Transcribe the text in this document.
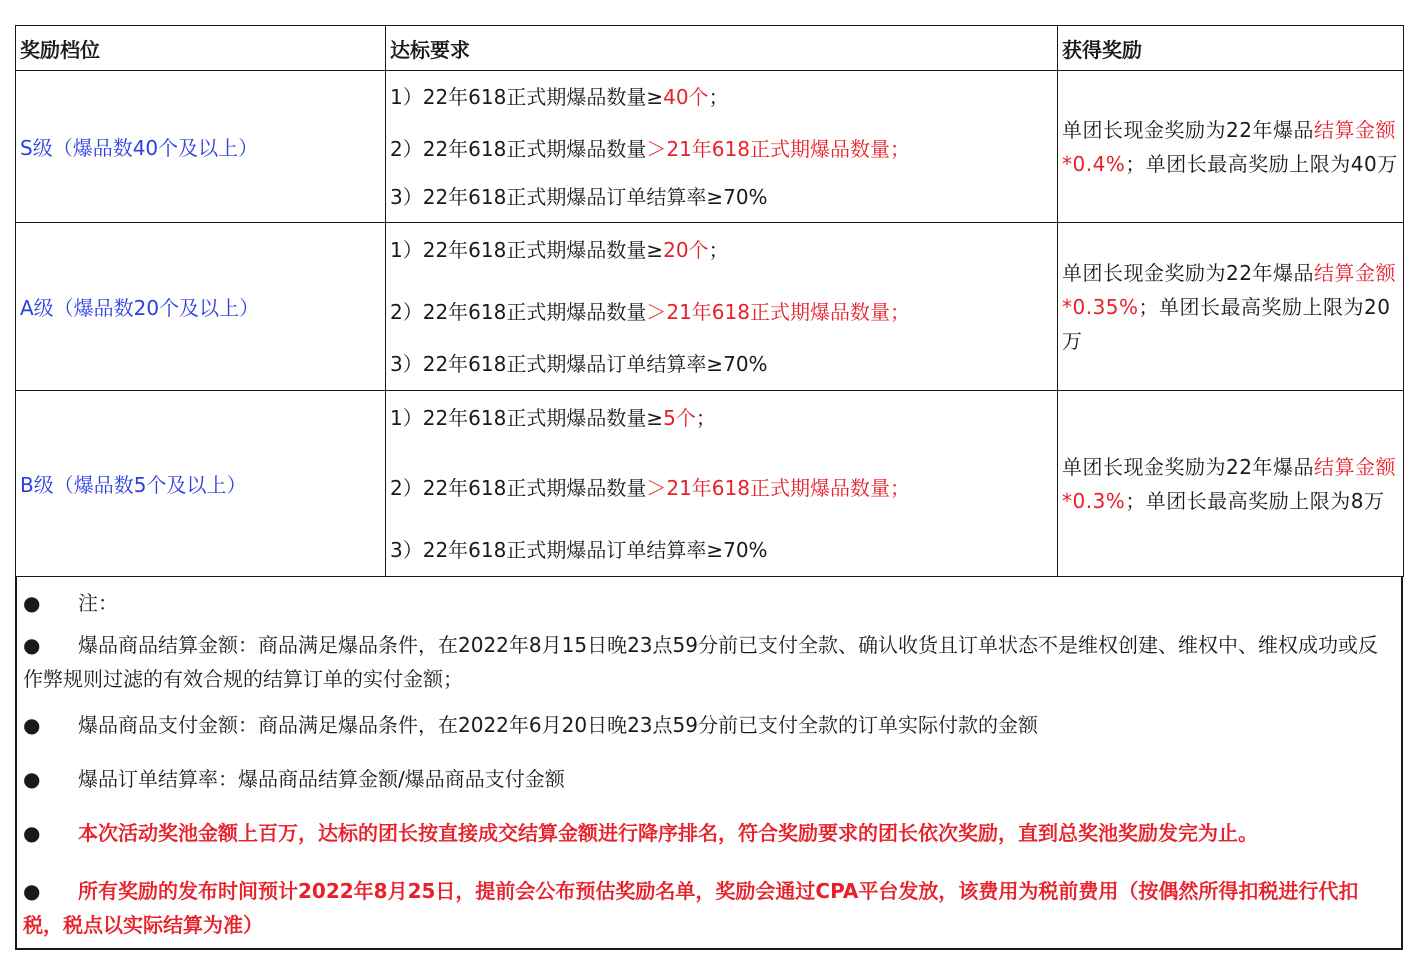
奖励档位	达标要求	获得奖励
S级（爆品数40个及以上）	1）22年618正式期爆品数量≥40个；

2）22年618正式期爆品数量＞21年618正式期爆品数量；

3）22年618正式期爆品订单结算率≥70%	单团长现金奖励为22年爆品结算金额*0.4%；单团长最高奖励上限为40万
A级（爆品数20个及以上）	1）22年618正式期爆品数量≥20个；

2）22年618正式期爆品数量＞21年618正式期爆品数量；

3）22年618正式期爆品订单结算率≥70%	单团长现金奖励为22年爆品结算金额*0.35%；单团长最高奖励上限为20万
B级（爆品数5个及以上）	1）22年618正式期爆品数量≥5个；

2）22年618正式期爆品数量＞21年618正式期爆品数量；

3）22年618正式期爆品订单结算率≥70%	单团长现金奖励为22年爆品结算金额*0.3%；单团长最高奖励上限为8万
● 注：
● 爆品商品结算金额：商品满足爆品条件，在2022年8月15日晚23点59分前已支付全款、确认收货且订单状态不是维权创建、维权中、维权成功或反作弊规则过滤的有效合规的结算订单的实付金额；
● 爆品商品支付金额：商品满足爆品条件，在2022年6月20日晚23点59分前已支付全款的订单实际付款的金额
● 爆品订单结算率：爆品商品结算金额/爆品商品支付金额
● 本次活动奖池金额上百万，达标的团长按直接成交结算金额进行降序排名，符合奖励要求的团长依次奖励，直到总奖池奖励发完为止。
● 所有奖励的发布时间预计2022年8月25日，提前会公布预估奖励名单，奖励会通过CPA平台发放，该费用为税前费用（按偶然所得扣税进行代扣税，税点以实际结算为准）
